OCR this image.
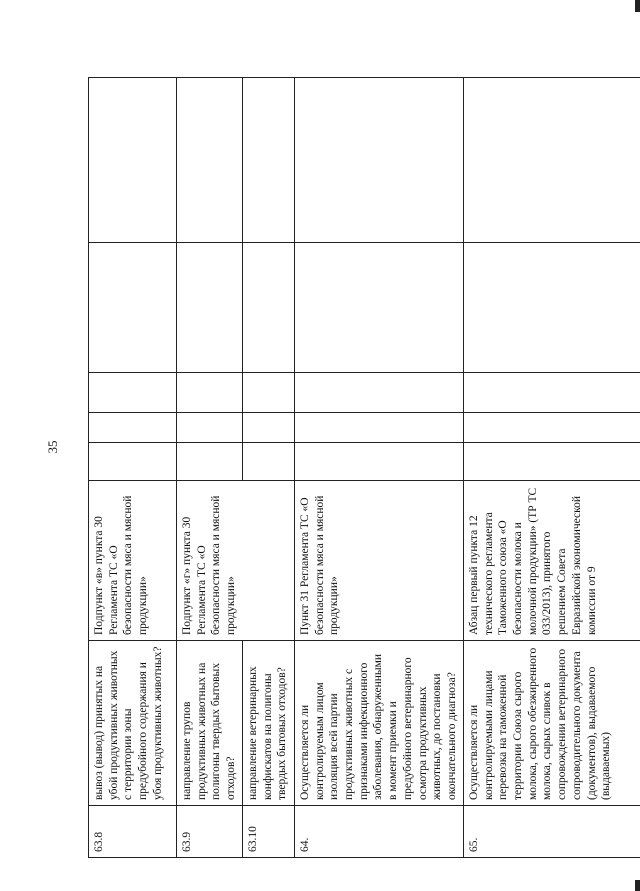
35
63.8	вывоз (вывод) принятых на убой продуктивных животных с территории зоны предубойного содержания и убоя продуктивных животных?	Подпункт «в» пункта 30 Регламента ТС «О безопасности мяса и мясной продукции»					
63.9	направление трупов продуктивных животных на полигоны твердых бытовых отходов?	Подпункт «г» пункта 30 Регламента ТС «О безопасности мяса и мясной продукции»					
63.10	направление ветеринарных конфискатов на полигоны твердых бытовых отходов?						
64.	Осуществляется ли контролируемым лицом изоляция всей партии продуктивных животных с признаками инфекционного заболевания, обнаруженными в момент приемки и предубойного ветеринарного осмотра продуктивных животных, до постановки окончательного диагноза?	Пункт 31 Регламента ТС «О безопасности мяса и мясной продукции»					
65.	Осуществляется ли контролируемыми лицами перевозка на таможенной территории Союза сырого молока, сырого обезжиренного молока, сырых сливок в сопровождении ветеринарного сопроводительного документа (документов), выдаваемого (выдаваемых)	Абзац первый пункта 12 технического регламента Таможенного союза «О безопасности молока и молочной продукции» (ТР ТС 033/2013), принятого решением Совета Евразийской экономической комиссии от 9					
